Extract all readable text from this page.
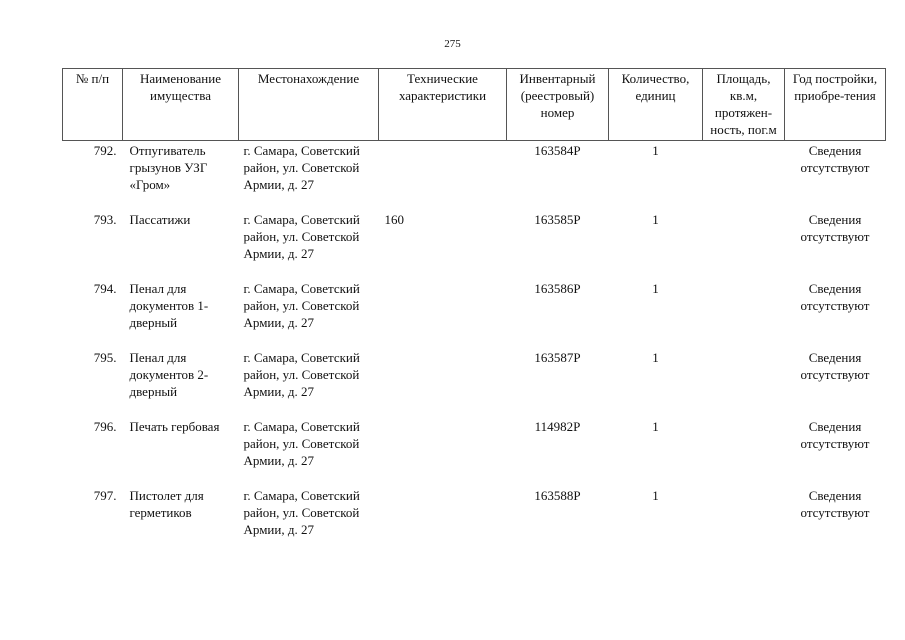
275
№ п/п	Наименование имущества	Местонахождение	Технические характеристики	Инвентарный (реестровый) номер	Количество, единиц	Площадь, кв.м, протяжен-ность, пог.м	Год постройки, приобре-тения
792.	Отпугиватель грызунов УЗГ «Гром»	г. Самара, Советский район, ул. Советской Армии, д. 27		163584Р	1		Сведения отсутствуют
793.	Пассатижи	г. Самара, Советский район, ул. Советской Армии, д. 27	160	163585Р	1		Сведения отсутствуют
794.	Пенал для документов 1-дверный	г. Самара, Советский район, ул. Советской Армии, д. 27		163586Р	1		Сведения отсутствуют
795.	Пенал для документов 2-дверный	г. Самара, Советский район, ул. Советской Армии, д. 27		163587Р	1		Сведения отсутствуют
796.	Печать гербовая	г. Самара, Советский район, ул. Советской Армии, д. 27		114982Р	1		Сведения отсутствуют
797.	Пистолет для герметиков	г. Самара, Советский район, ул. Советской Армии, д. 27		163588Р	1		Сведения отсутствуют
